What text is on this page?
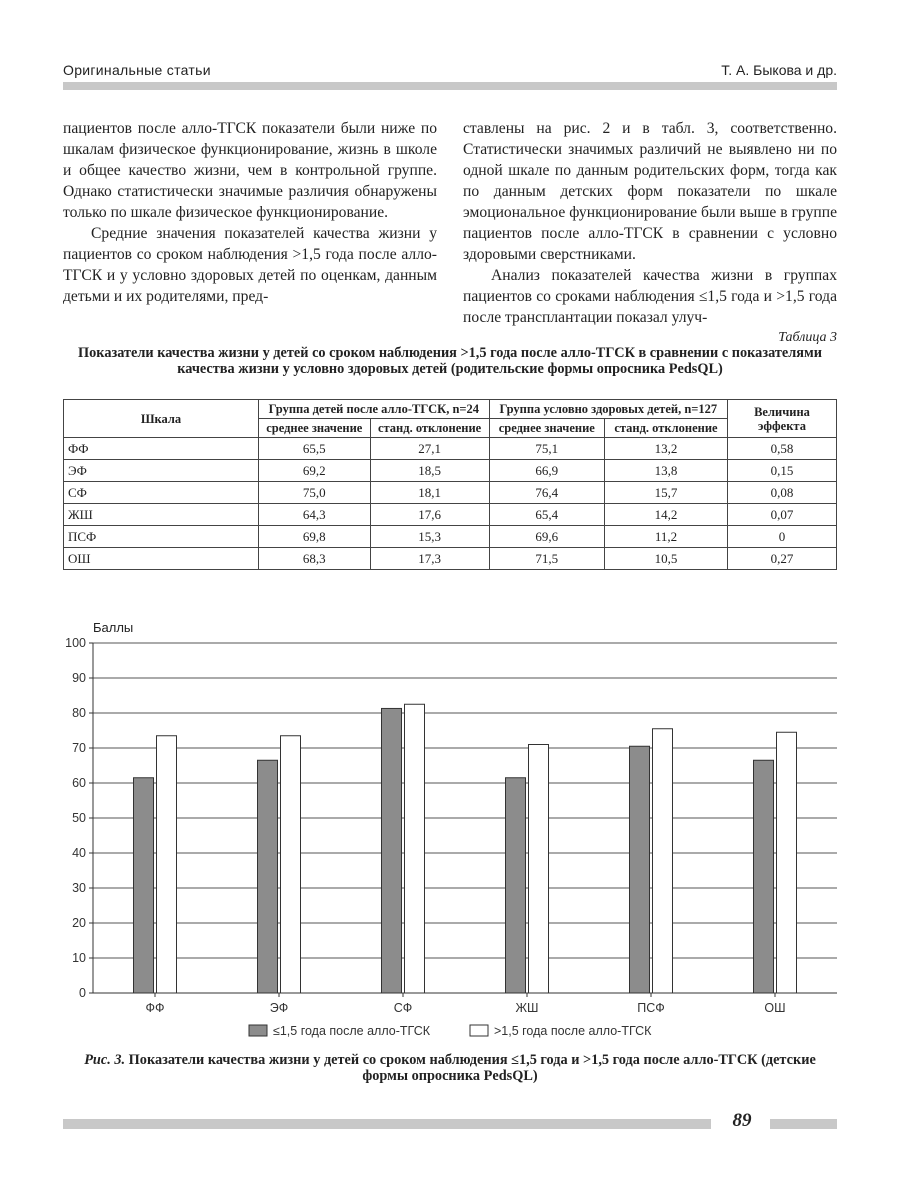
Оригинальные статьи	Т. А. Быкова и др.

пациентов после алло-ТГСК показатели были ниже по шкалам физическое функционирование, жизнь в школе и общее качество жизни, чем в контрольной группе. Однако статистически значимые различия обнаружены только по шкале физическое функционирование.

Средние значения показателей качества жизни у пациентов со сроком наблюдения >1,5 года после алло-ТГСК и у условно здоровых детей по оценкам, данным детьми и их родителями, пред-

ставлены на рис. 2 и в табл. 3, соответственно. Статистически значимых различий не выявлено ни по одной шкале по данным родительских форм, тогда как по данным детских форм показатели по шкале эмоциональное функционирование были выше в группе пациентов после алло-ТГСК в сравнении с условно здоровыми сверстниками.

Анализ показателей качества жизни в группах пациентов со сроками наблюдения ≤1,5 года и >1,5 года после трансплантации показал улуч-

Таблица 3
Показатели качества жизни у детей со сроком наблюдения >1,5 года после алло-ТГСК в сравнении с показателями качества жизни у условно здоровых детей (родительские формы опросника PedsQL)
Шкала	Группа детей после алло-ТГСК, n=24		Группа условно здоровых детей, n=127		Величина эффекта
	среднее значение	станд. отклонение	среднее значение	станд. отклонение	
ФФ	65,5	27,1	75,1	13,2	0,58
ЭФ	69,2	18,5	66,9	13,8	0,15
СФ	75,0	18,1	76,4	15,7	0,08
ЖШ	64,3	17,6	65,4	14,2	0,07
ПСФ	69,8	15,3	69,6	11,2	0
ОШ	68,3	17,3	71,5	10,5	0,27
Баллы
0
10
20
30
40
50
60
70
80
90
100
ФФ	ЭФ	СФ	ЖШ	ПСФ	ОШ
≤1,5 года после алло-ТГСК	>1,5 года после алло-ТГСК
Рис. 3. Показатели качества жизни у детей со сроком наблюдения ≤1,5 года и >1,5 года после алло-ТГСК (детские формы опросника PedsQL)
89
